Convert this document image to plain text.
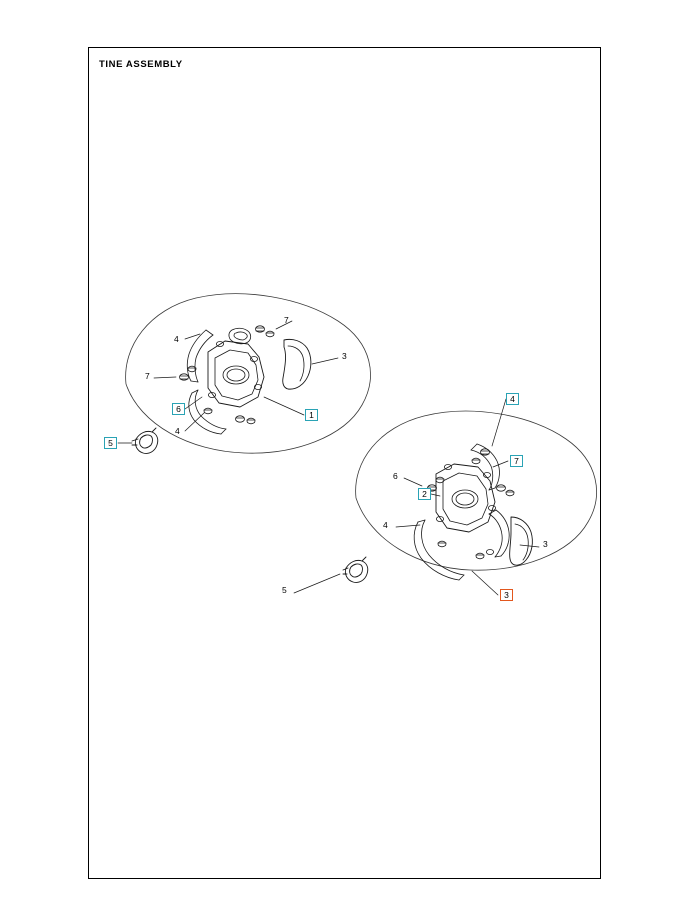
TINE ASSEMBLY
7
4
3
7
4
6
4
3
5
1
6
5
4
7
2
3
